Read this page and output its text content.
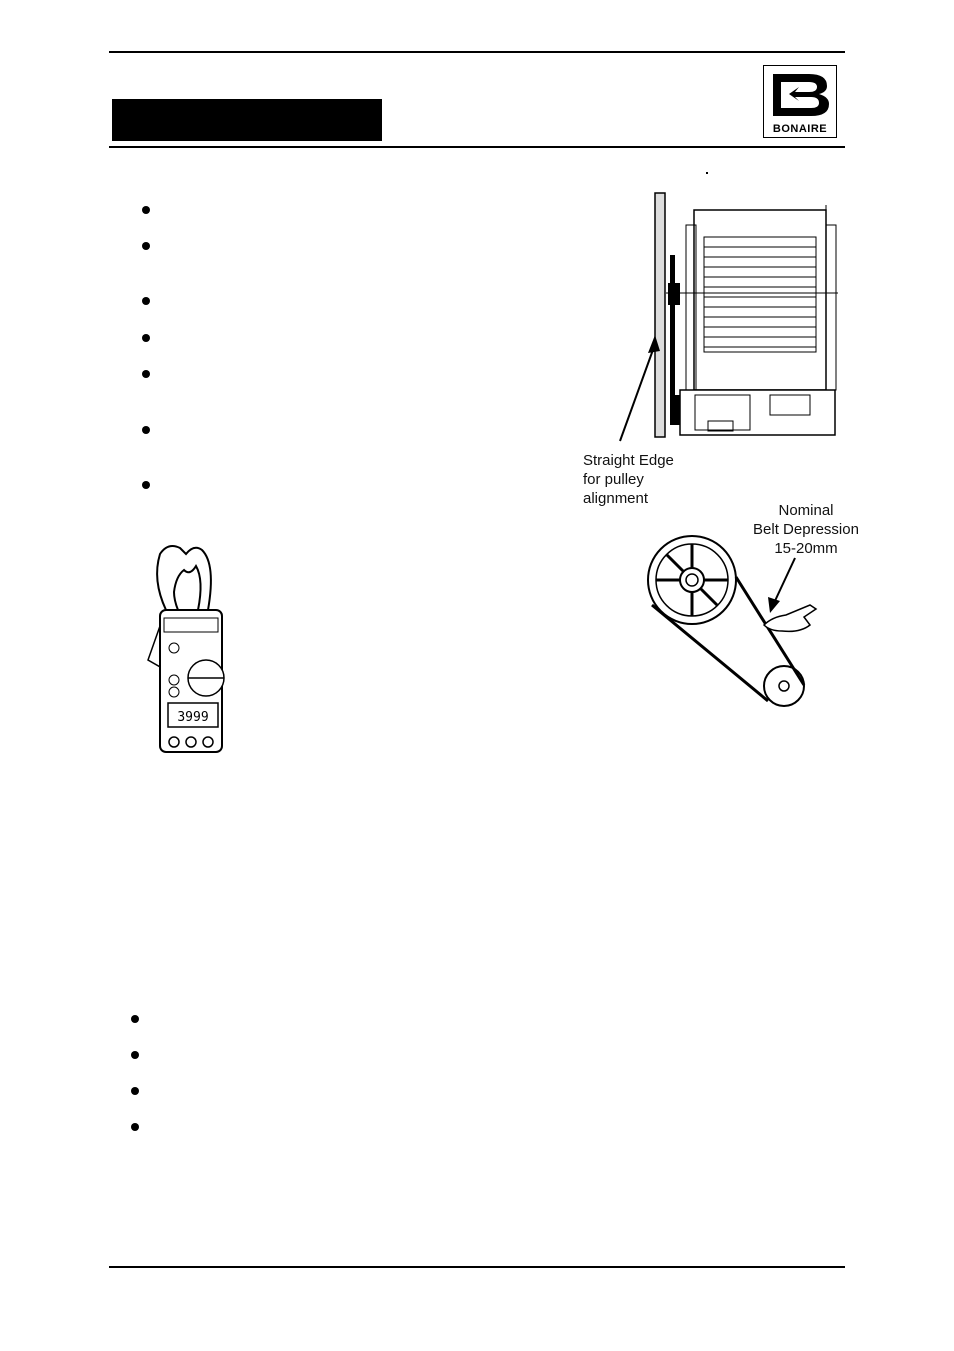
BONAIRE
Straight Edge
for pulley
alignment
Nominal
Belt Depression
15-20mm
3999
